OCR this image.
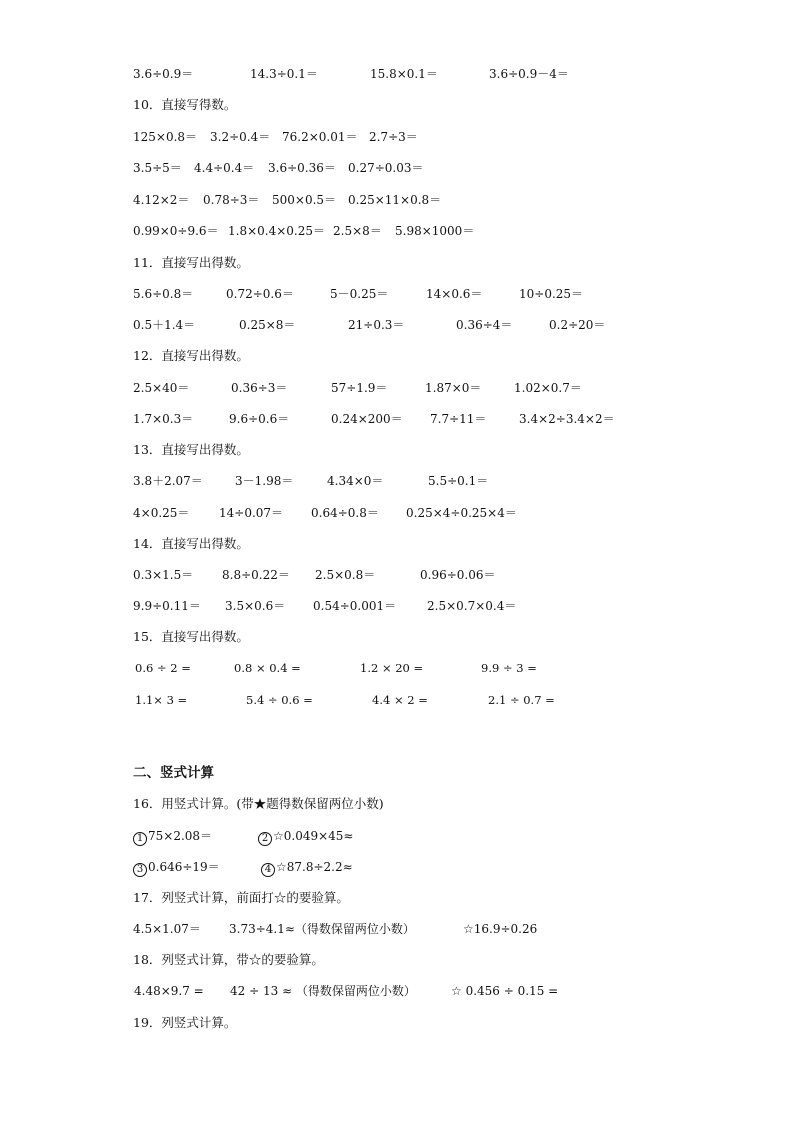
3.6÷0.9＝	14.3÷0.1＝	15.8×0.1＝	3.6÷0.9－4＝
10．直接写得数。
125×0.8＝ 3.2÷0.4＝ 76.2×0.01＝ 2.7÷3＝
3.5÷5＝ 4.4÷0.4＝ 3.6÷0.36＝ 0.27÷0.03＝
4.12×2＝ 0.78÷3＝ 500×0.5＝ 0.25×11×0.8＝
0.99×0÷9.6＝ 1.8×0.4×0.25＝ 2.5×8＝ 5.98×1000＝
11．直接写出得数。
5.6÷0.8＝	0.72÷0.6＝	5－0.25＝	14×0.6＝	10÷0.25＝
0.5＋1.4＝	0.25×8＝	21÷0.3＝	0.36÷4＝	0.2÷20＝
12．直接写出得数。
2.5×40＝	0.36÷3＝	57÷1.9＝	1.87×0＝	1.02×0.7＝
1.7×0.3＝	9.6÷0.6＝	0.24×200＝ 7.7÷11＝	3.4×2÷3.4×2＝
13．直接写出得数。
3.8＋2.07＝	3－1.98＝	4.34×0＝	5.5÷0.1＝
4×0.25＝ 14÷0.07＝ 0.64÷0.8＝ 0.25×4÷0.25×4＝
14．直接写出得数。
0.3×1.5＝ 8.8÷0.22＝ 2.5×0.8＝	0.96÷0.06＝
9.9÷0.11＝ 3.5×0.6＝ 0.54÷0.001＝	2.5×0.7×0.4＝
15．直接写出得数。
0.6 ÷ 2 =	0.8 × 0.4 =	1.2 × 20 =	9.9 ÷ 3 =
1.1× 3 =	5.4 ÷ 0.6 =	4.4 × 2 =	2.1 ÷ 0.7 =
二、竖式计算
16．用竖式计算。(带★题得数保留两位小数)
1 75×2.08＝	2 ☆0.049×45≈
3 0.646÷19＝	4 ☆87.8÷2.2≈
17．列竖式计算，前面打☆的要验算。
4.5×1.07＝ 3.73÷4.1≈（得数保留两位小数）	☆16.9÷0.26
18．列竖式计算，带☆的要验算。
4.48×9.7 = 42 ÷ 13 ≈ （得数保留两位小数）	☆ 0.456 ÷ 0.15 =
19．列竖式计算。
